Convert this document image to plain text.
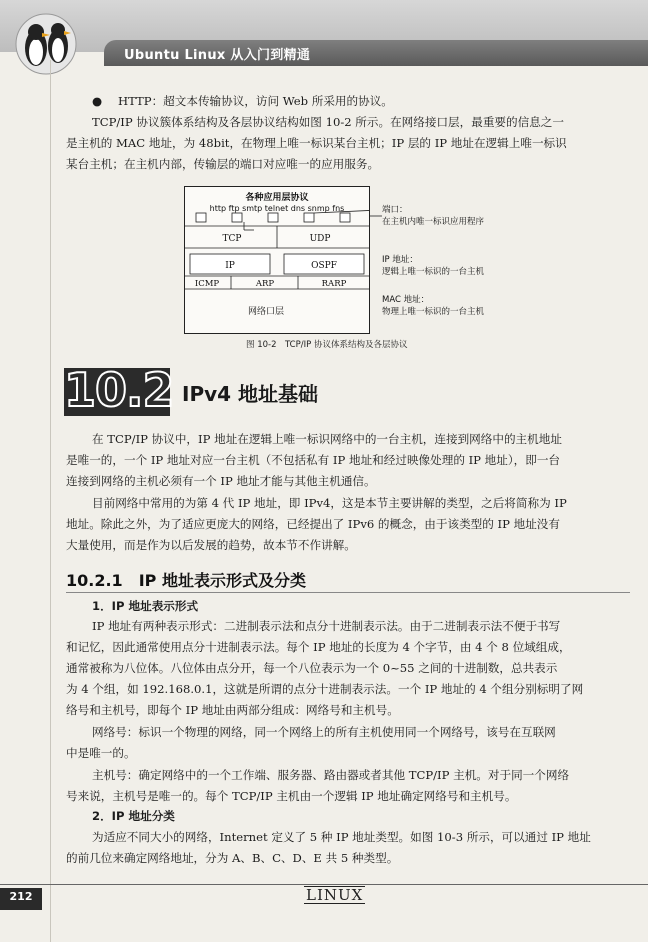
Ubuntu Linux 从入门到精通
● HTTP：超文本传输协议，访问 Web 所采用的协议。
TCP/IP 协议簇体系结构及各层协议结构如图 10-2 所示。在网络接口层，最重要的信息之一
是主机的 MAC 地址，为 48bit，在物理上唯一标识某台主机；IP 层的 IP 地址在逻辑上唯一标识
某台主机；在主机内部，传输层的端口对应唯一的应用服务。
各种应用层协议
http ftp smtp telnet dns snmp fns
TCP	UDP
IP	OSPF
ICMP	ARP	RARP
网络口层
端口：
在主机内唯一标识应用程序
IP 地址：
逻辑上唯一标识的一台主机
MAC 地址：
物理上唯一标识的一台主机
图 10-2　TCP/IP 协议体系结构及各层协议
10.2 IPv4 地址基础
在 TCP/IP 协议中，IP 地址在逻辑上唯一标识网络中的一台主机，连接到网络中的主机地址
是唯一的，一个 IP 地址对应一台主机（不包括私有 IP 地址和经过映像处理的 IP 地址），即一台
连接到网络的主机必须有一个 IP 地址才能与其他主机通信。
目前网络中常用的为第 4 代 IP 地址，即 IPv4，这是本节主要讲解的类型，之后将简称为 IP
地址。除此之外，为了适应更庞大的网络，已经提出了 IPv6 的概念，由于该类型的 IP 地址没有
大量使用，而是作为以后发展的趋势，故本节不作讲解。
10.2.1  IP 地址表示形式及分类
1．IP 地址表示形式
IP 地址有两种表示形式：二进制表示法和点分十进制表示法。由于二进制表示法不便于书写
和记忆，因此通常使用点分十进制表示法。每个 IP 地址的长度为 4 个字节，由 4 个 8 位域组成，
通常被称为八位体。八位体由点分开，每一个八位表示为一个 0~55 之间的十进制数，总共表示
为 4 个组，如 192.168.0.1，这就是所谓的点分十进制表示法。一个 IP 地址的 4 个组分别标明了网
络号和主机号，即每个 IP 地址由两部分组成：网络号和主机号。
网络号：标识一个物理的网络，同一个网络上的所有主机使用同一个网络号，该号在互联网
中是唯一的。
主机号：确定网络中的一个工作端、服务器、路由器或者其他 TCP/IP 主机。对于同一个网络
号来说，主机号是唯一的。每个 TCP/IP 主机由一个逻辑 IP 地址确定网络号和主机号。
2．IP 地址分类
为适应不同大小的网络，Internet 定义了 5 种 IP 地址类型。如图 10-3 所示，可以通过 IP 地址
的前几位来确定网络地址，分为 A、B、C、D、E 共 5 种类型。
212	LINUX
